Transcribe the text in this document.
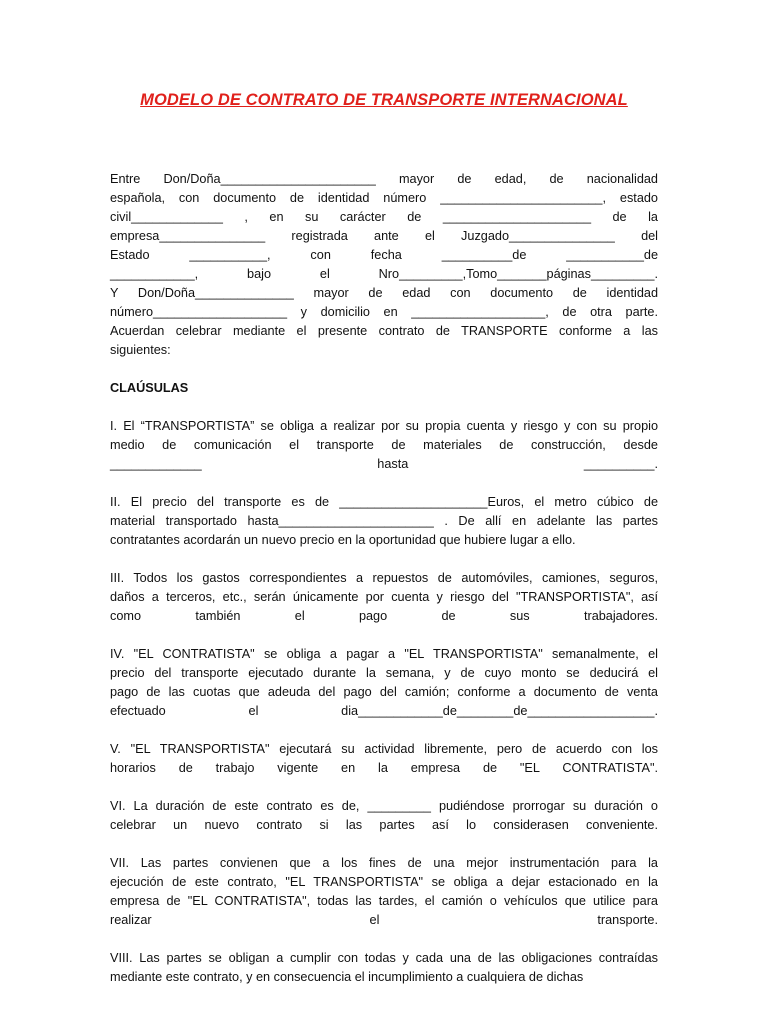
MODELO DE CONTRATO DE TRANSPORTE INTERNACIONAL
Entre Don/Doña______________________ mayor de edad, de nacionalidad
española, con documento de identidad número _______________________, estado
civil_____________ , en su carácter de _____________________ de la
empresa_______________ registrada ante el Juzgado_______________ del
Estado ___________, con fecha __________de ___________de
____________, bajo el Nro_________,Tomo_______páginas_________.
Y Don/Doña______________ mayor de edad con documento de identidad
número___________________ y domicilio en ___________________, de otra parte.
Acuerdan celebrar mediante el presente contrato de TRANSPORTE conforme a las
siguientes:
CLAÚSULAS
I. El “TRANSPORTISTA” se obliga a realizar por su propia cuenta y riesgo y con su propio
medio de comunicación el transporte de materiales de construcción, desde
_____________ hasta __________.
II. El precio del transporte es de _____________________Euros, el metro cúbico de
material transportado hasta______________________ . De allí en adelante las partes
contratantes acordarán un nuevo precio en la oportunidad que hubiere lugar a ello.
III. Todos los gastos correspondientes a repuestos de automóviles, camiones, seguros,
daños a terceros, etc., serán únicamente por cuenta y riesgo del "TRANSPORTISTA", así
como también el pago de sus trabajadores.
IV. "EL CONTRATISTA" se obliga a pagar a "EL TRANSPORTISTA" semanalmente, el
precio del transporte ejecutado durante la semana, y de cuyo monto se deducirá el
pago de las cuotas que adeuda del pago del camión; conforme a documento de venta
efectuado el dia____________de________de__________________.
V. "EL TRANSPORTISTA" ejecutará su actividad libremente, pero de acuerdo con los
horarios de trabajo vigente en la empresa de "EL CONTRATISTA".
VI. La duración de este contrato es de, _________ pudiéndose prorrogar su duración o
celebrar un nuevo contrato si las partes así lo considerasen conveniente.
VII. Las partes convienen que a los fines de una mejor instrumentación para la
ejecución de este contrato, "EL TRANSPORTISTA" se obliga a dejar estacionado en la
empresa de "EL CONTRATISTA", todas las tardes, el camión o vehículos que utilice para
realizar el transporte.
VIII. Las partes se obligan a cumplir con todas y cada una de las obligaciones contraídas
mediante este contrato, y en consecuencia el incumplimiento a cualquiera de dichas
